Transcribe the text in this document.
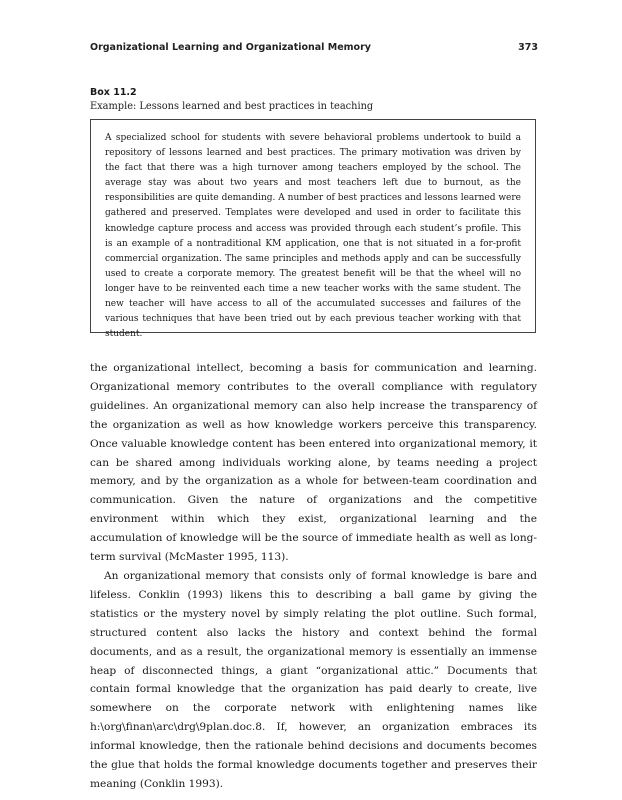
Organizational Learning and Organizational Memory	373
Box 11.2
Example: Lessons learned and best practices in teaching

A specialized school for students with severe behavioral problems undertook to build a repository of lessons learned and best practices. The primary motivation was driven by the fact that there was a high turnover among teachers employed by the school. The average stay was about two years and most teachers left due to burnout, as the responsibilities are quite demanding. A number of best practices and lessons learned were gathered and preserved. Templates were developed and used in order to facilitate this knowledge capture process and access was provided through each student’s profile. This is an example of a nontraditional KM application, one that is not situated in a for-profit commercial organization. The same principles and methods apply and can be successfully used to create a corporate memory. The greatest benefit will be that the wheel will no longer have to be reinvented each time a new teacher works with the same student. The new teacher will have access to all of the accumulated successes and failures of the various techniques that have been tried out by each previous teacher working with that student.

the organizational intellect, becoming a basis for communication and learning. Organizational memory contributes to the overall compliance with regulatory guidelines. An organizational memory can also help increase the transparency of the organization as well as how knowledge workers perceive this transparency. Once valuable knowledge content has been entered into organizational memory, it can be shared among individuals working alone, by teams needing a project memory, and by the organization as a whole for between-team coordination and communication. Given the nature of organizations and the competitive environment within which they exist, organizational learning and the accumulation of knowledge will be the source of immediate health as well as long-term survival (McMaster 1995, 113).

An organizational memory that consists only of formal knowledge is bare and lifeless. Conklin (1993) likens this to describing a ball game by giving the statistics or the mystery novel by simply relating the plot outline. Such formal, structured content also lacks the history and context behind the formal documents, and as a result, the organizational memory is essentially an immense heap of disconnected things, a giant “organizational attic.” Documents that contain formal knowledge that the organization has paid dearly to create, live somewhere on the corporate network with enlightening names like h:\org\finan\arc\drg\9plan.doc.8. If, however, an organization embraces its informal knowledge, then the rationale behind decisions and documents becomes the glue that holds the formal knowledge documents together and preserves their meaning (Conklin 1993).
